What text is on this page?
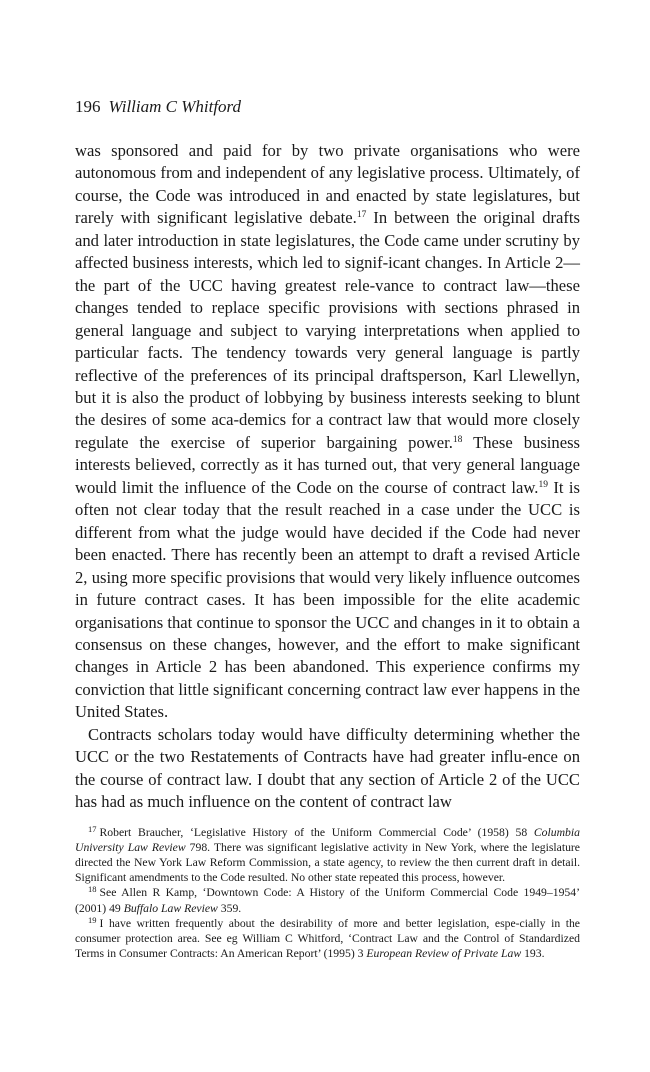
196 William C Whitford

was sponsored and paid for by two private organisations who were autonomous from and independent of any legislative process. Ultimately, of course, the Code was introduced in and enacted by state legislatures, but rarely with significant legislative debate.$^{17}$ In between the original drafts and later introduction in state legislatures, the Code came under scrutiny by affected business interests, which led to signif-icant changes. In Article 2—the part of the UCC having greatest rele-vance to contract law—these changes tended to replace specific provisions with sections phrased in general language and subject to varying interpretations when applied to particular facts. The tendency towards very general language is partly reflective of the preferences of its principal draftsperson, Karl Llewellyn, but it is also the product of lobbying by business interests seeking to blunt the desires of some aca-demics for a contract law that would more closely regulate the exercise of superior bargaining power.$^{18}$ These business interests believed, correctly as it has turned out, that very general language would limit the influence of the Code on the course of contract law.$^{19}$ It is often not clear today that the result reached in a case under the UCC is different from what the judge would have decided if the Code had never been enacted. There has recently been an attempt to draft a revised Article 2, using more specific provisions that would very likely influence outcomes in future contract cases. It has been impossible for the elite academic organisations that continue to sponsor the UCC and changes in it to obtain a consensus on these changes, however, and the effort to make significant changes in Article 2 has been abandoned. This experience confirms my conviction that little significant concerning contract law ever happens in the United States.

Contracts scholars today would have difficulty determining whether the UCC or the two Restatements of Contracts have had greater influ-ence on the course of contract law. I doubt that any section of Article 2 of the UCC has had as much influence on the content of contract law

$^{17}$ Robert Braucher, ‘Legislative History of the Uniform Commercial Code’ (1958) 58 Columbia University Law Review 798. There was significant legislative activity in New York, where the legislature directed the New York Law Reform Commission, a state agency, to review the then current draft in detail. Significant amendments to the Code resulted. No other state repeated this process, however.

$^{18}$ See Allen R Kamp, ‘Downtown Code: A History of the Uniform Commercial Code 1949–1954’ (2001) 49 Buffalo Law Review 359.

$^{19}$ I have written frequently about the desirability of more and better legislation, espe-cially in the consumer protection area. See eg William C Whitford, ‘Contract Law and the Control of Standardized Terms in Consumer Contracts: An American Report’ (1995) 3 European Review of Private Law 193.
